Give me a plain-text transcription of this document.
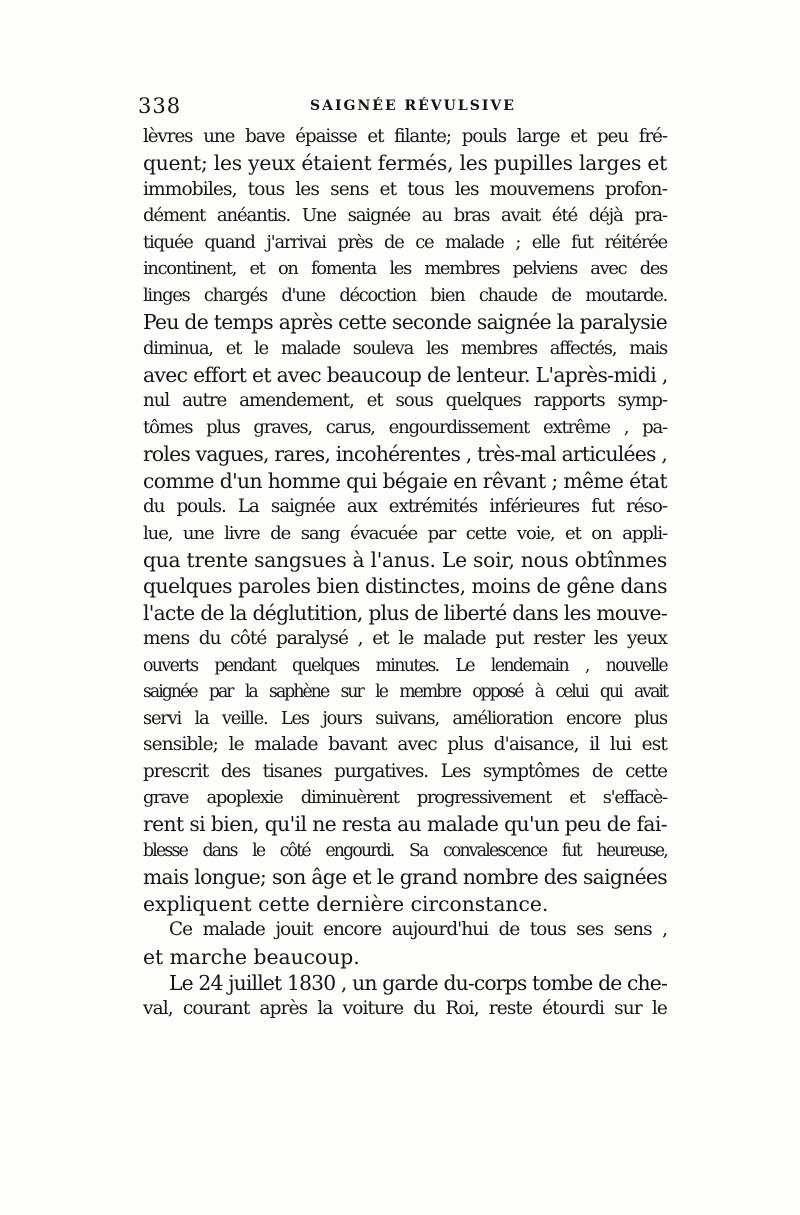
338	SAIGNÉE RÉVULSIVE
lèvres une bave épaisse et filante; pouls large et peu fré-
quent; les yeux étaient fermés, les pupilles larges et
immobiles, tous les sens et tous les mouvemens profon-
dément anéantis. Une saignée au bras avait été déjà pra-
tiquée quand j'arrivai près de ce malade ; elle fut réitérée
incontinent, et on fomenta les membres pelviens avec des
linges chargés d'une décoction bien chaude de moutarde.
Peu de temps après cette seconde saignée la paralysie
diminua, et le malade souleva les membres affectés, mais
avec effort et avec beaucoup de lenteur. L'après-midi ,
nul autre amendement, et sous quelques rapports symp-
tômes plus graves, carus, engourdissement extrême , pa-
roles vagues, rares, incohérentes , très-mal articulées ,
comme d'un homme qui bégaie en rêvant ; même état
du pouls. La saignée aux extrémités inférieures fut réso-
lue, une livre de sang évacuée par cette voie, et on appli-
qua trente sangsues à l'anus. Le soir, nous obtînmes
quelques paroles bien distinctes, moins de gêne dans
l'acte de la déglutition, plus de liberté dans les mouve-
mens du côté paralysé , et le malade put rester les yeux
ouverts pendant quelques minutes. Le lendemain , nouvelle
saignée par la saphène sur le membre opposé à celui qui avait
servi la veille. Les jours suivans, amélioration encore plus
sensible; le malade bavant avec plus d'aisance, il lui est
prescrit des tisanes purgatives. Les symptômes de cette
grave apoplexie diminuèrent progressivement et s'effacè-
rent si bien, qu'il ne resta au malade qu'un peu de fai-
blesse dans le côté engourdi. Sa convalescence fut heureuse,
mais longue; son âge et le grand nombre des saignées
expliquent cette dernière circonstance.
Ce malade jouit encore aujourd'hui de tous ses sens ,
et marche beaucoup.
Le 24 juillet 1830 , un garde du-corps tombe de che-
val, courant après la voiture du Roi, reste étourdi sur le
